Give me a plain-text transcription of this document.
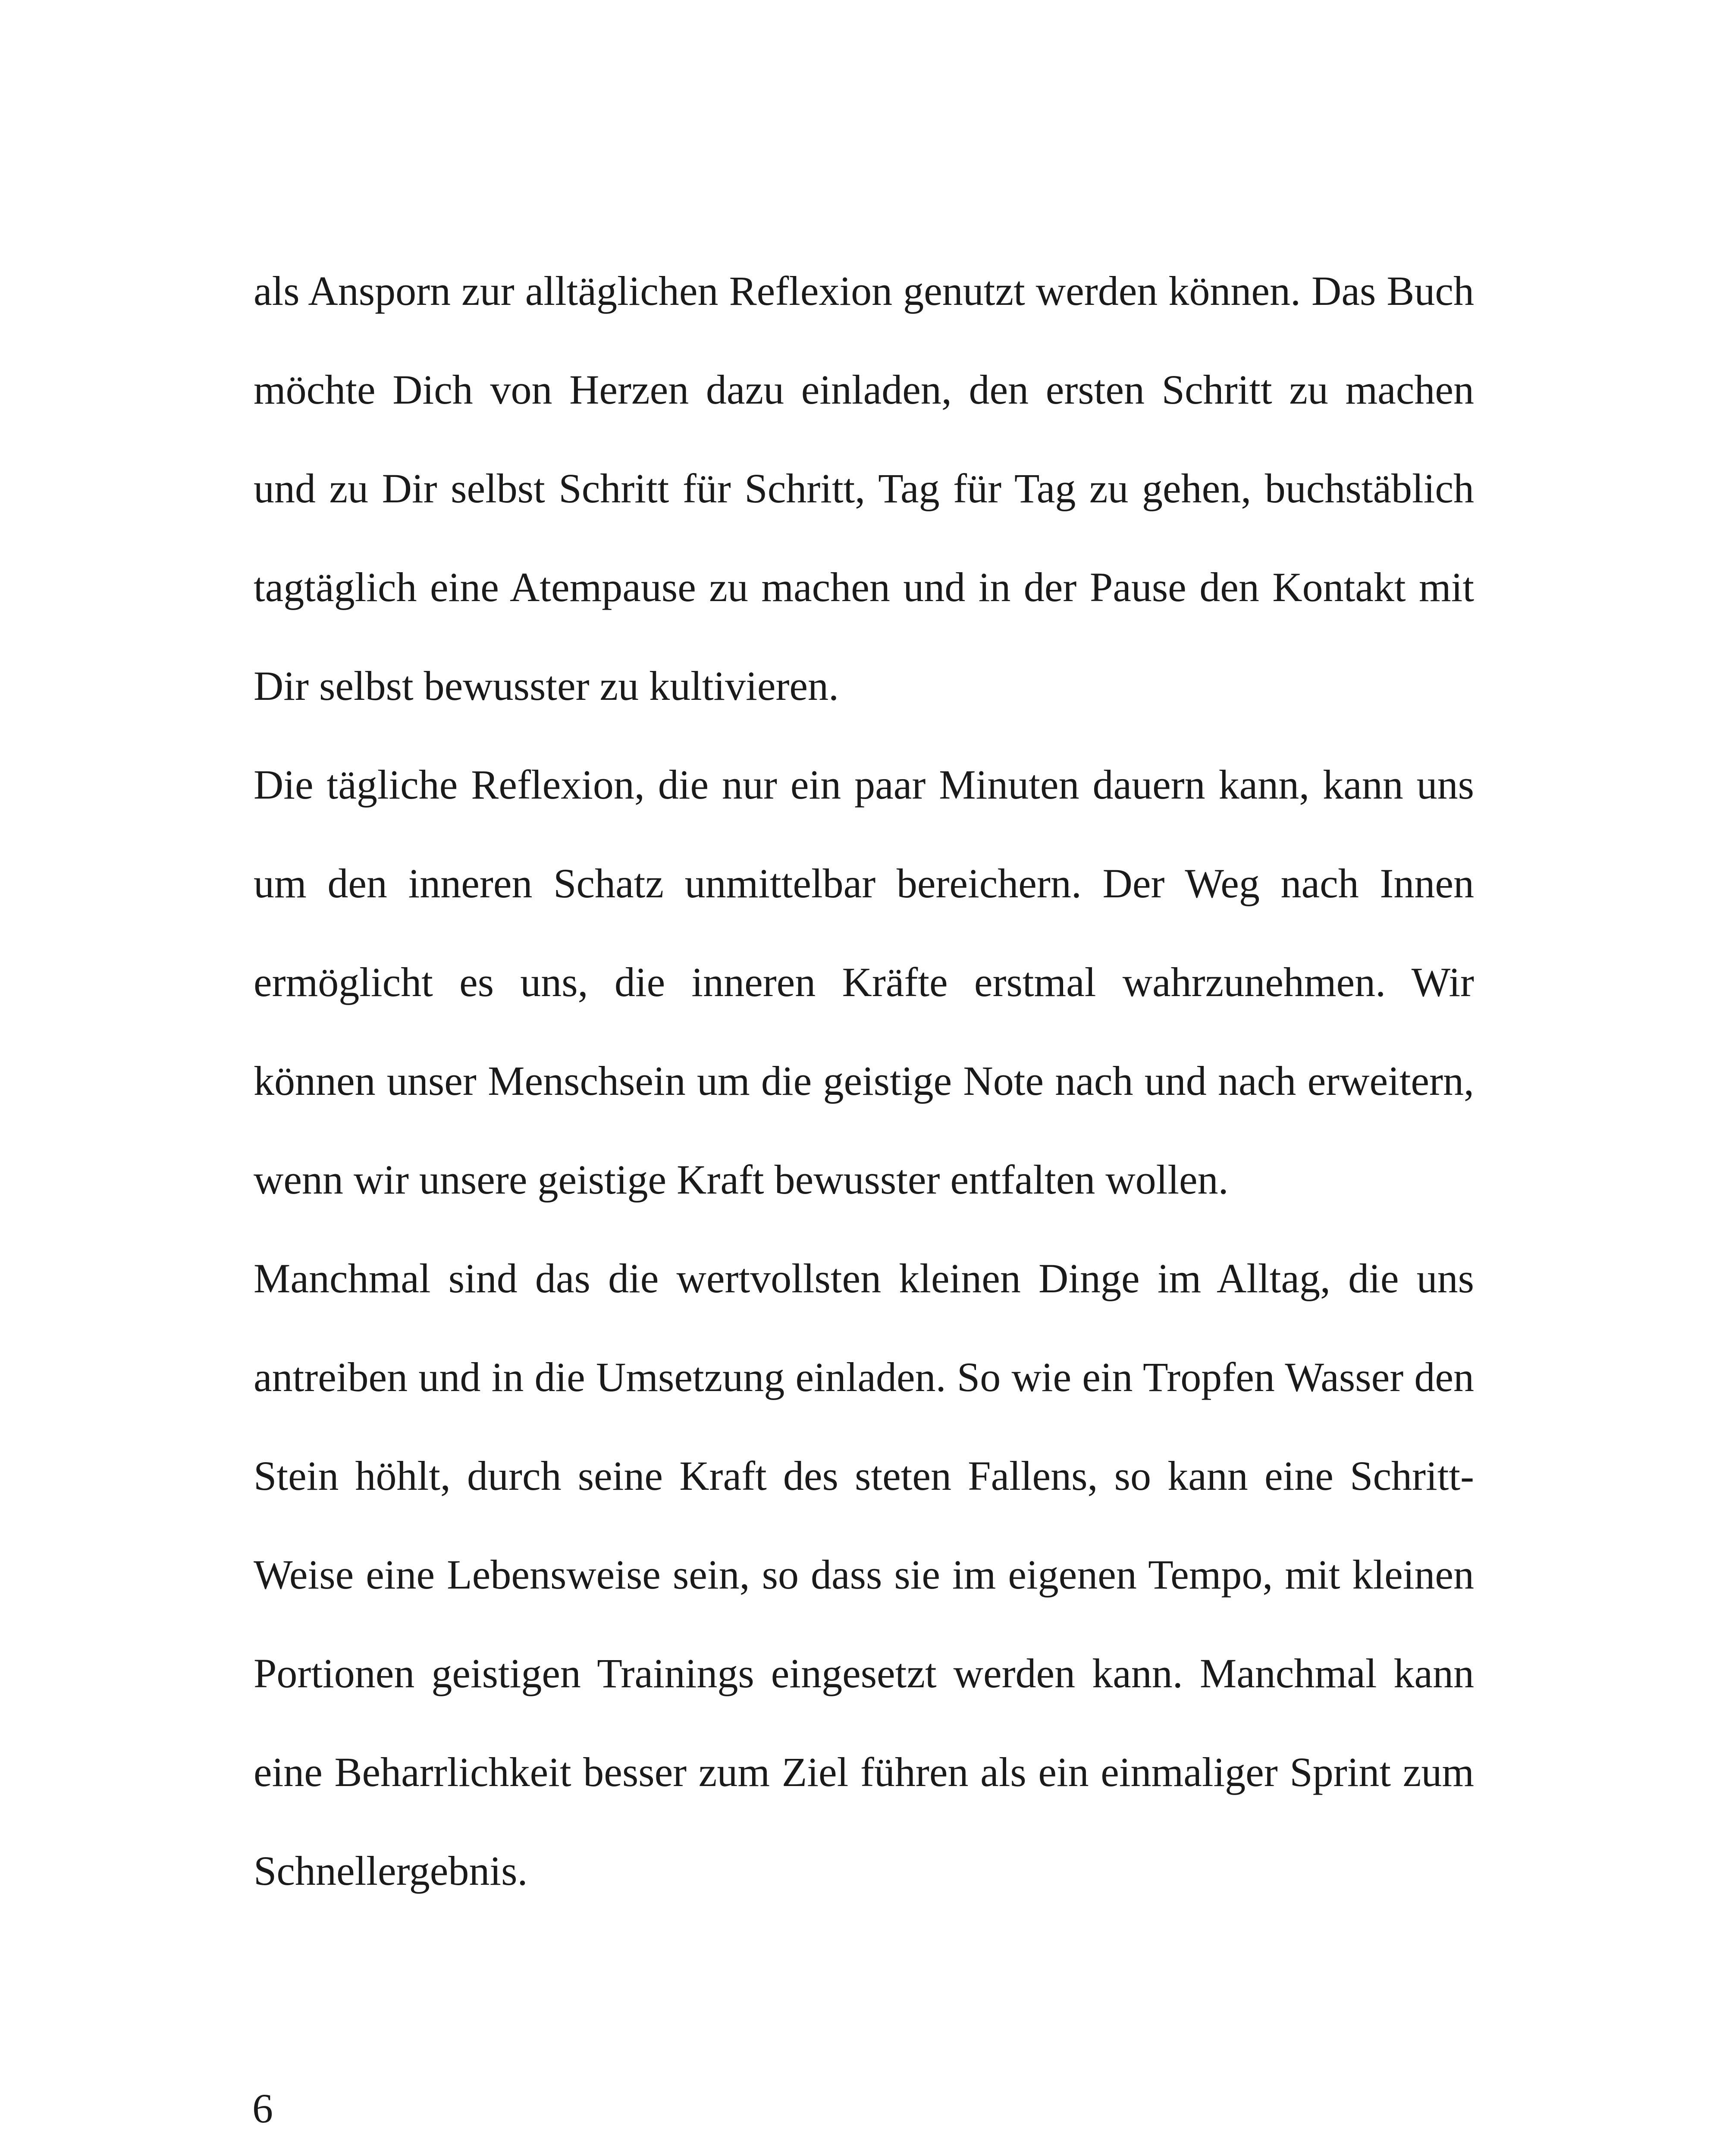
als Ansporn zur alltäglichen Reflexion genutzt werden können. Das Buch möchte Dich von Herzen dazu einladen, den ersten Schritt zu machen und zu Dir selbst Schritt für Schritt, Tag für Tag zu gehen, buchstäblich tagtäglich eine Atempause zu machen und in der Pause den Kontakt mit Dir selbst bewusster zu kultivieren.

Die tägliche Reflexion, die nur ein paar Minuten dauern kann, kann uns um den inneren Schatz unmittelbar bereichern. Der Weg nach Innen ermöglicht es uns, die inneren Kräfte erstmal wahrzunehmen. Wir können unser Menschsein um die geistige Note nach und nach erweitern, wenn wir unsere geistige Kraft bewusster entfalten wollen.

Manchmal sind das die wertvollsten kleinen Dinge im Alltag, die uns antreiben und in die Umsetzung einladen. So wie ein Tropfen Wasser den Stein höhlt, durch seine Kraft des steten Fallens, so kann eine Schritt-Weise eine Lebensweise sein, so dass sie im eigenen Tempo, mit kleinen Portionen geistigen Trainings eingesetzt werden kann. Manchmal kann eine Beharrlichkeit besser zum Ziel führen als ein einmaliger Sprint zum Schnellergebnis.

6
